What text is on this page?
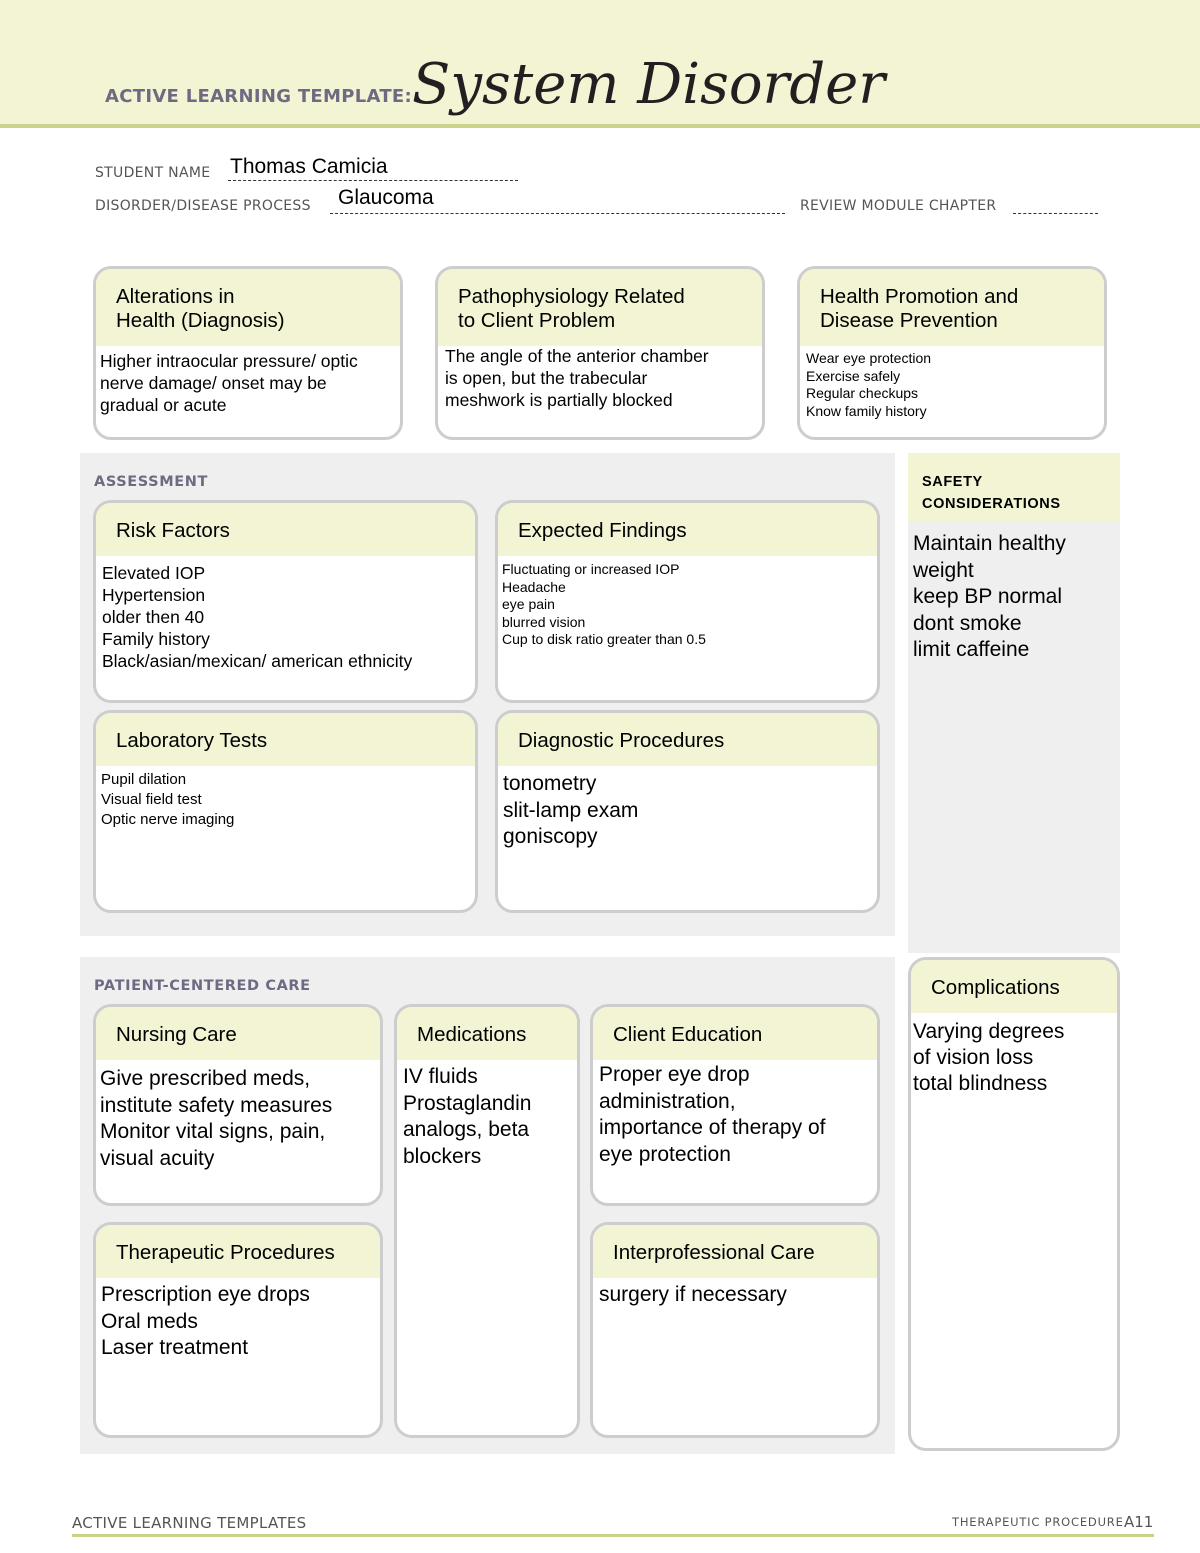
ACTIVE LEARNING TEMPLATE: System Disorder
STUDENT NAME Thomas Camicia
DISORDER/DISEASE PROCESS Glaucoma	REVIEW MODULE CHAPTER
Alterations in
Health (Diagnosis)
Higher intraocular pressure/ optic
nerve damage/ onset may be
gradual or acute
Pathophysiology Related
to Client Problem
The angle of the anterior chamber
is open, but the trabecular
meshwork is partially blocked
Health Promotion and
Disease Prevention
Wear eye protection
Exercise safely
Regular checkups
Know family history
ASSESSMENT
Risk Factors
Elevated IOP
Hypertension
older then 40
Family history
Black/asian/mexican/ american ethnicity
Expected Findings
Fluctuating or increased IOP
Headache
eye pain
blurred vision
Cup to disk ratio greater than 0.5
Laboratory Tests
Pupil dilation
Visual field test
Optic nerve imaging
Diagnostic Procedures
tonometry
slit-lamp exam
goniscopy
SAFETY
CONSIDERATIONS
Maintain healthy
weight
keep BP normal
dont smoke
limit caffeine
PATIENT-CENTERED CARE
Nursing Care
Give prescribed meds,
institute safety measures
Monitor vital signs, pain,
visual acuity
Medications
IV fluids
Prostaglandin
analogs, beta
blockers
Client Education
Proper eye drop
administration,
importance of therapy of
eye protection
Therapeutic Procedures
Prescription eye drops
Oral meds
Laser treatment
Interprofessional Care
surgery if necessary
Complications
Varying degrees
of vision loss
total blindness
ACTIVE LEARNING TEMPLATES	THERAPEUTIC PROCEDURE A11
